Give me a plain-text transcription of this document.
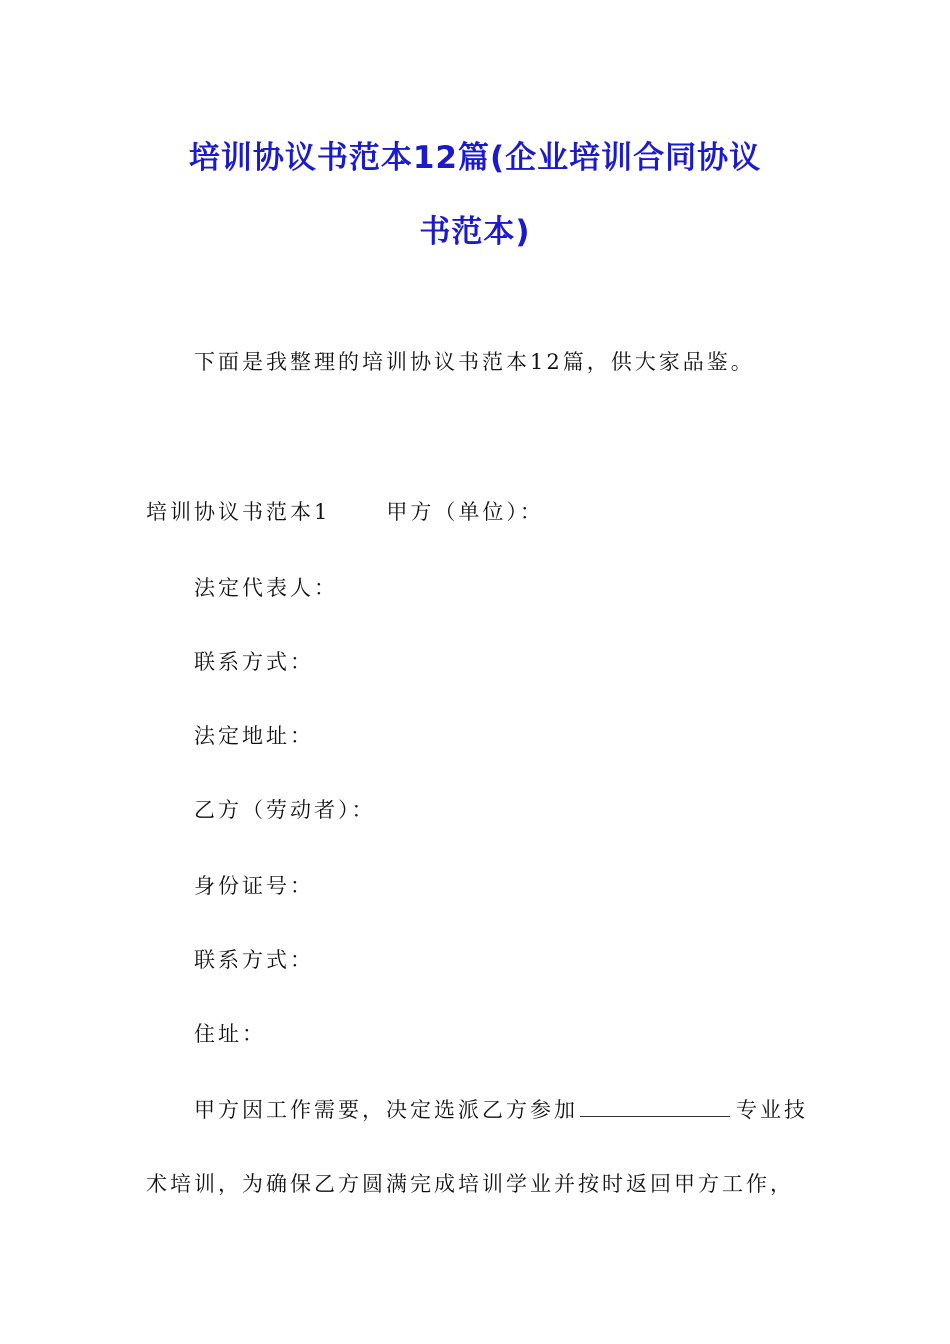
培训协议书范本12篇(企业培训合同协议
书范本)
下面是我整理的培训协议书范本12篇，供大家品鉴。
培训协议书范本1	甲方（单位）：
法定代表人：
联系方式：
法定地址：
乙方（劳动者）：
身份证号：
联系方式：
住址：
甲方因工作需要，决定选派乙方参加	专业技
术培训，为确保乙方圆满完成培训学业并按时返回甲方工作，
